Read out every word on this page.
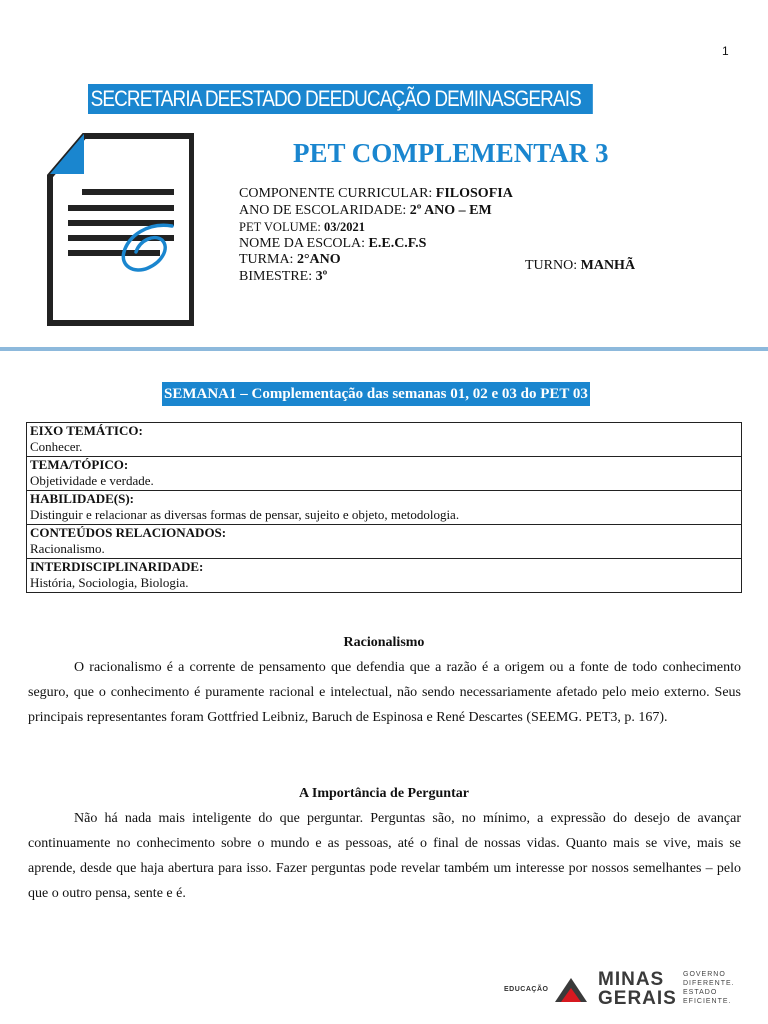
1
SECRETARIA DEESTADO DEEDUCAÇÃO DEMINASGERAIS
PET COMPLEMENTAR 3
COMPONENTE CURRICULAR: FILOSOFIA
ANO DE ESCOLARIDADE: 2º ANO – EM
PET VOLUME: 03/2021
NOME DA ESCOLA: E.E.C.F.S
TURMA: 2°ANO
BIMESTRE: 3º
TURNO: MANHÃ
SEMANA1 – Complementação das semanas 01, 02 e 03 do PET 03
EIXO TEMÁTICO:
Conhecer.

TEMA/TÓPICO:
Objetividade e verdade.

HABILIDADE(S):
Distinguir e relacionar as diversas formas de pensar, sujeito e objeto, metodologia.

CONTEÚDOS RELACIONADOS:
Racionalismo.

INTERDISCIPLINARIDADE:
História, Sociologia, Biologia.
Racionalismo

O racionalismo é a corrente de pensamento que defendia que a razão é a origem ou a fonte de todo conhecimento seguro, que o conhecimento é puramente racional e intelectual, não sendo necessariamente afetado pelo meio externo. Seus principais representantes foram Gottfried Leibniz, Baruch de Espinosa e René Descartes (SEEMG. PET3, p. 167).

A Importância de Perguntar

Não há nada mais inteligente do que perguntar. Perguntas são, no mínimo, a expressão do desejo de avançar continuamente no conhecimento sobre o mundo e as pessoas, até o final de nossas vidas. Quanto mais se vive, mais se aprende, desde que haja abertura para isso. Fazer perguntas pode revelar também um interesse por nossos semelhantes – pelo que o outro pensa, sente e é.

EDUCAÇÃO	MINAS
GERAIS
GOVERNO
DIFERENTE.
ESTADO
EFICIENTE.
